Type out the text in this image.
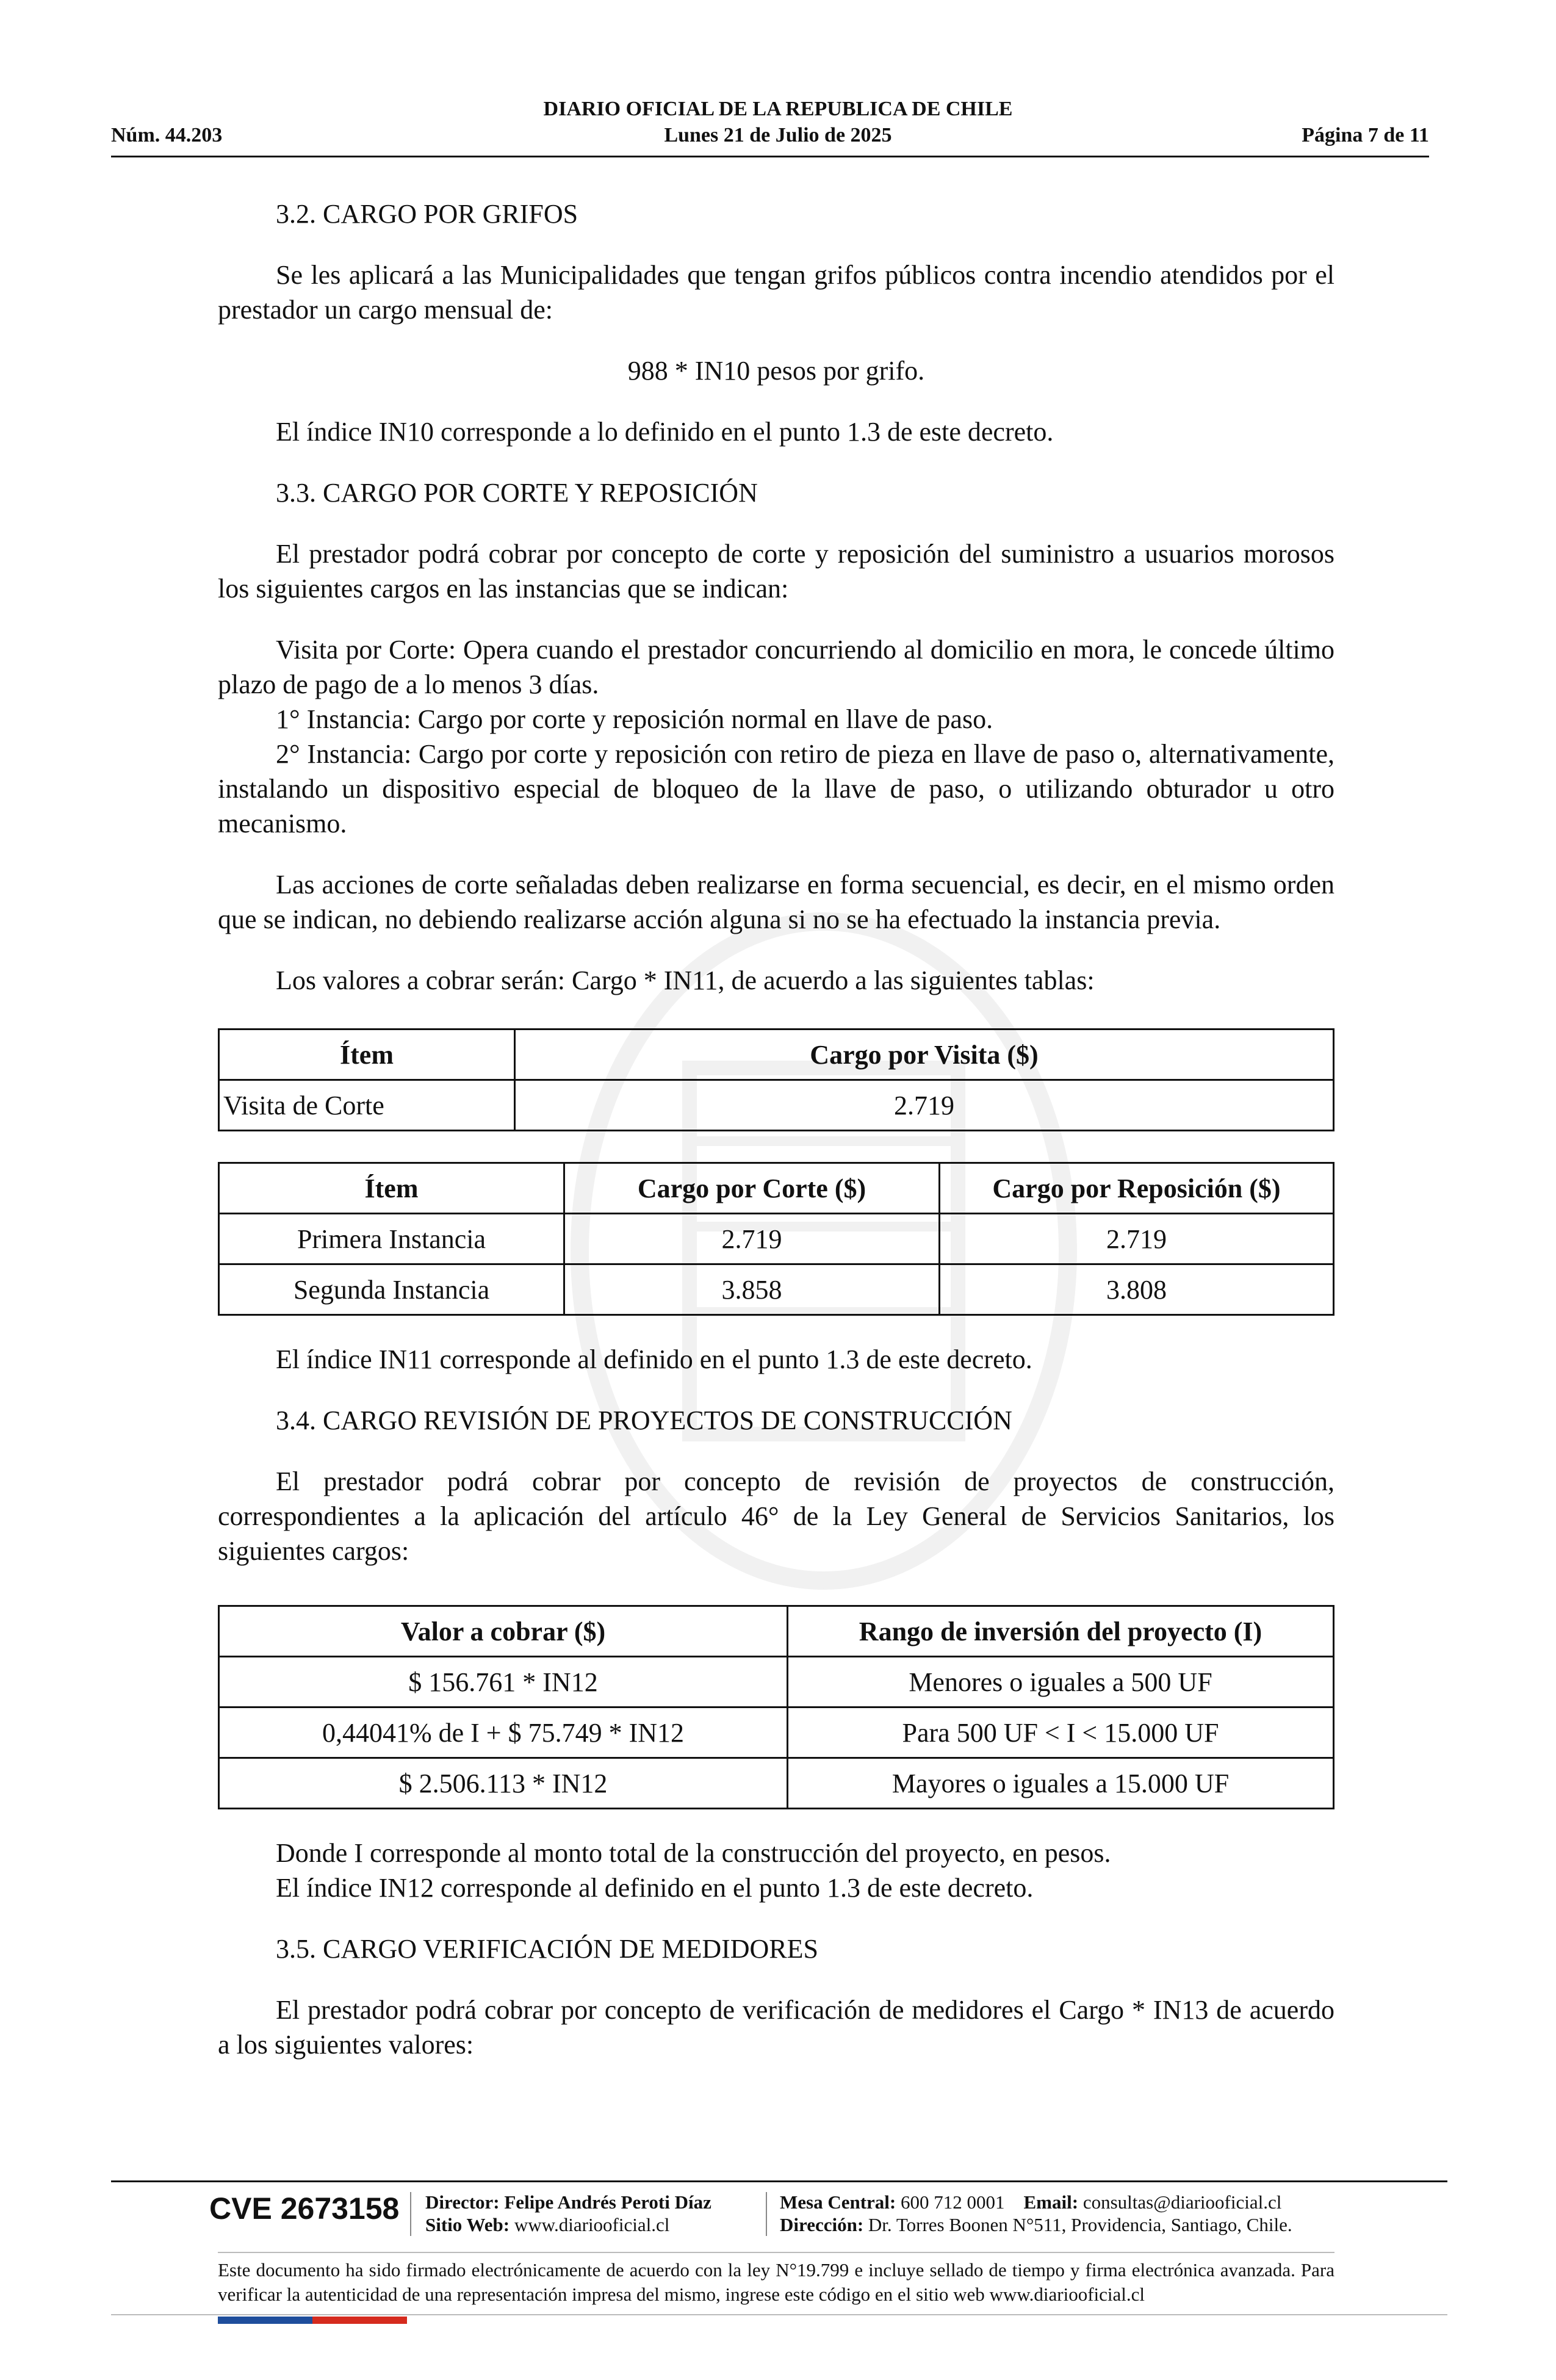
DIARIO OFICIAL DE LA REPUBLICA DE CHILE
Núm. 44.203	Lunes 21 de Julio de 2025	Página 7 de 11

3.2. CARGO POR GRIFOS

Se les aplicará a las Municipalidades que tengan grifos públicos contra incendio atendidos por el prestador un cargo mensual de:

988 * IN10 pesos por grifo.

El índice IN10 corresponde a lo definido en el punto 1.3 de este decreto.

3.3. CARGO POR CORTE Y REPOSICIÓN

El prestador podrá cobrar por concepto de corte y reposición del suministro a usuarios morosos los siguientes cargos en las instancias que se indican:

Visita por Corte: Opera cuando el prestador concurriendo al domicilio en mora, le concede último plazo de pago de a lo menos 3 días.

1° Instancia: Cargo por corte y reposición normal en llave de paso.

2° Instancia: Cargo por corte y reposición con retiro de pieza en llave de paso o, alternativamente, instalando un dispositivo especial de bloqueo de la llave de paso, o utilizando obturador u otro mecanismo.

Las acciones de corte señaladas deben realizarse en forma secuencial, es decir, en el mismo orden que se indican, no debiendo realizarse acción alguna si no se ha efectuado la instancia previa.

Los valores a cobrar serán: Cargo * IN11, de acuerdo a las siguientes tablas:

Ítem	Cargo por Visita ($)
Visita de Corte	2.719
Ítem	Cargo por Corte ($)	Cargo por Reposición ($)
Primera Instancia	2.719	2.719
Segunda Instancia	3.858	3.808

El índice IN11 corresponde al definido en el punto 1.3 de este decreto.

3.4. CARGO REVISIÓN DE PROYECTOS DE CONSTRUCCIÓN

El prestador podrá cobrar por concepto de revisión de proyectos de construcción, correspondientes a la aplicación del artículo 46° de la Ley General de Servicios Sanitarios, los siguientes cargos:

Valor a cobrar ($)	Rango de inversión del proyecto (I)
$ 156.761 * IN12	Menores o iguales a 500 UF
0,44041% de I + $ 75.749 * IN12	Para 500 UF < I < 15.000 UF
$ 2.506.113 * IN12	Mayores o iguales a 15.000 UF

Donde I corresponde al monto total de la construcción del proyecto, en pesos.

El índice IN12 corresponde al definido en el punto 1.3 de este decreto.

3.5. CARGO VERIFICACIÓN DE MEDIDORES

El prestador podrá cobrar por concepto de verificación de medidores el Cargo * IN13 de acuerdo a los siguientes valores:

CVE 2673158 Director: Felipe Andrés Peroti Díaz
Sitio Web: www.diariooficial.cl
Mesa Central: 600 712 0001 Email: consultas@diariooficial.cl
Dirección: Dr. Torres Boonen N°511, Providencia, Santiago, Chile.
Este documento ha sido firmado electrónicamente de acuerdo con la ley N°19.799 e incluye sellado de tiempo y firma electrónica avanzada. Para verificar la autenticidad de una representación impresa del mismo, ingrese este código en el sitio web www.diariooficial.cl
